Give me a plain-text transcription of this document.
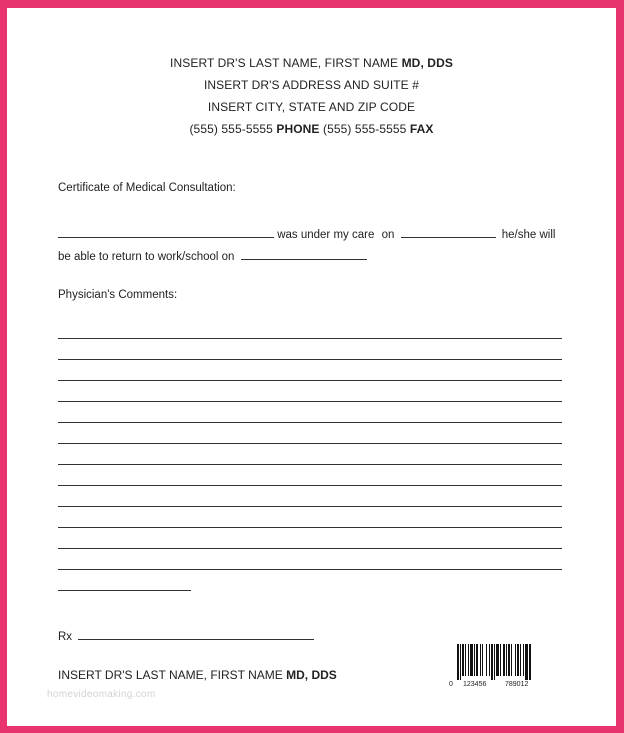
INSERT DR'S LAST NAME, FIRST NAME MD, DDS
INSERT DR'S ADDRESS AND SUITE #
INSERT CITY, STATE AND ZIP CODE
(555) 555-5555 PHONE (555) 555-5555 FAX
Certificate of Medical Consultation:
was under my care on	he/she will
be able to return to work/school on
Physician's Comments:
Rx
INSERT DR'S LAST NAME, FIRST NAME MD, DDS
homevideomaking.com
0 123456	789012
